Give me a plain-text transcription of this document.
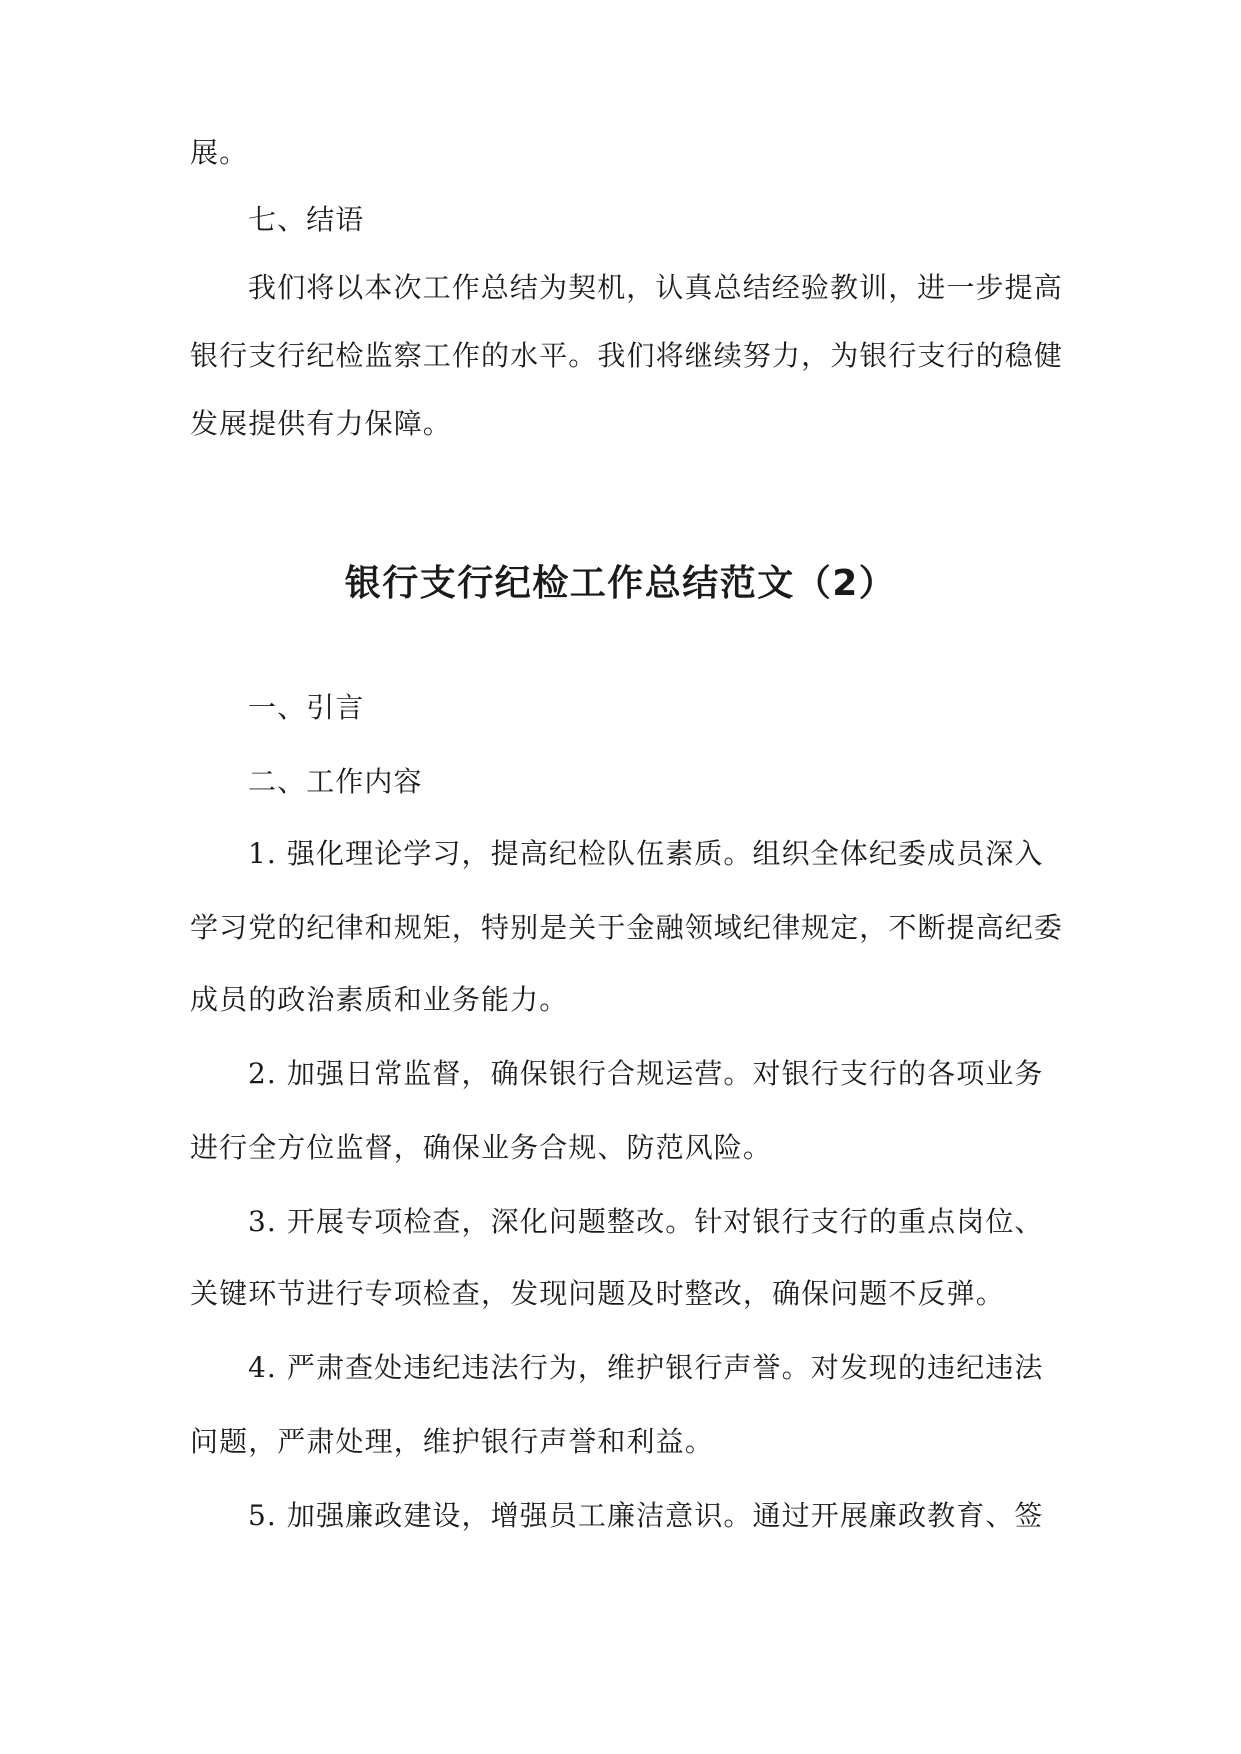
展。
七、结语
我们将以本次工作总结为契机，认真总结经验教训，进一步提高
银行支行纪检监察工作的水平。我们将继续努力，为银行支行的稳健
发展提供有力保障。
银行支行纪检工作总结范文（2）
一、引言
二、工作内容
1. 强化理论学习，提高纪检队伍素质。组织全体纪委成员深入
学习党的纪律和规矩，特别是关于金融领域纪律规定，不断提高纪委
成员的政治素质和业务能力。
2. 加强日常监督，确保银行合规运营。对银行支行的各项业务
进行全方位监督，确保业务合规、防范风险。
3. 开展专项检查，深化问题整改。针对银行支行的重点岗位、
关键环节进行专项检查，发现问题及时整改，确保问题不反弹。
4. 严肃查处违纪违法行为，维护银行声誉。对发现的违纪违法
问题，严肃处理，维护银行声誉和利益。
5. 加强廉政建设，增强员工廉洁意识。通过开展廉政教育、签
